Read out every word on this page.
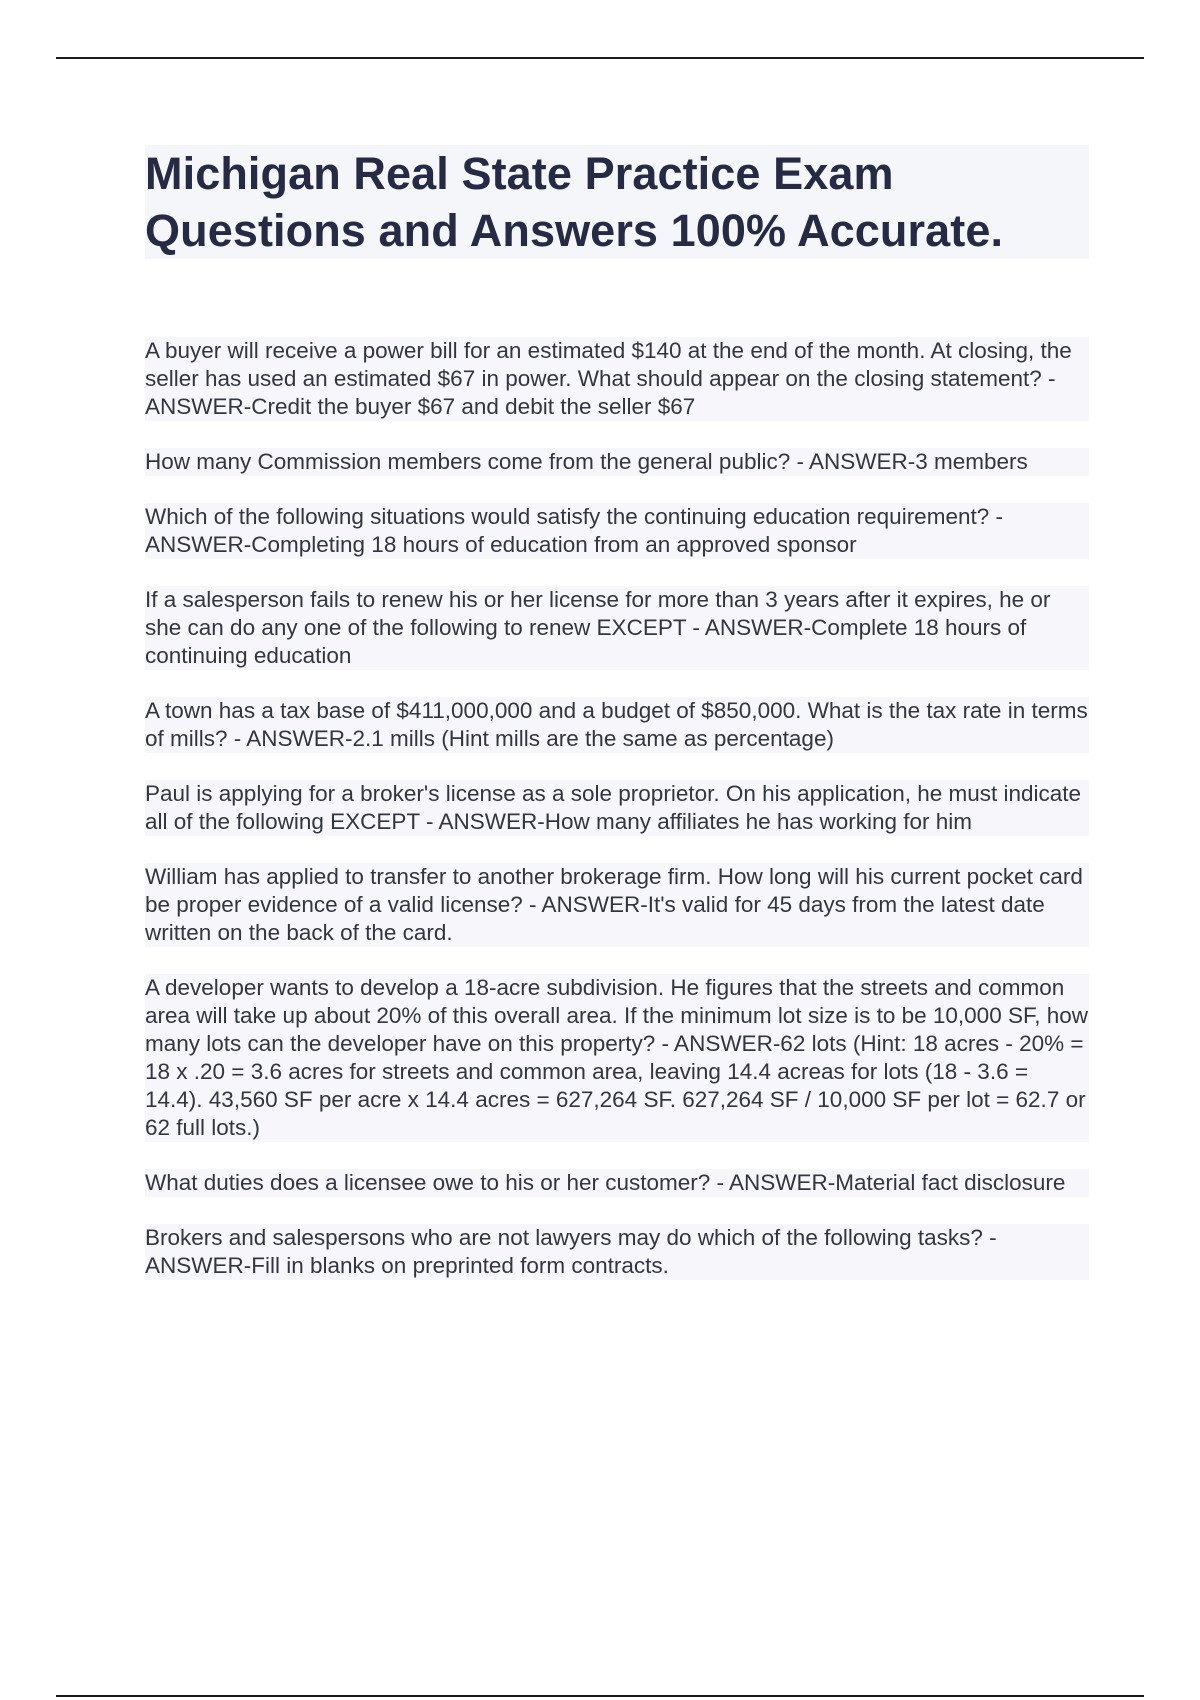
Michigan Real State Practice Exam Questions and Answers 100% Accurate.
A buyer will receive a power bill for an estimated $140 at the end of the month. At closing, the seller has used an estimated $67 in power. What should appear on the closing statement? - ANSWER-Credit the buyer $67 and debit the seller $67
How many Commission members come from the general public? - ANSWER-3 members
Which of the following situations would satisfy the continuing education requirement? - ANSWER-Completing 18 hours of education from an approved sponsor
If a salesperson fails to renew his or her license for more than 3 years after it expires, he or she can do any one of the following to renew EXCEPT - ANSWER-Complete 18 hours of continuing education
A town has a tax base of $411,000,000 and a budget of $850,000. What is the tax rate in terms of mills? - ANSWER-2.1 mills (Hint mills are the same as percentage)
Paul is applying for a broker's license as a sole proprietor. On his application, he must indicate all of the following EXCEPT - ANSWER-How many affiliates he has working for him
William has applied to transfer to another brokerage firm. How long will his current pocket card be proper evidence of a valid license? - ANSWER-It's valid for 45 days from the latest date written on the back of the card.
A developer wants to develop a 18-acre subdivision. He figures that the streets and common area will take up about 20% of this overall area. If the minimum lot size is to be 10,000 SF, how many lots can the developer have on this property? - ANSWER-62 lots (Hint: 18 acres - 20% = 18 x .20 = 3.6 acres for streets and common area, leaving 14.4 acreas for lots (18 - 3.6 = 14.4). 43,560 SF per acre x 14.4 acres = 627,264 SF. 627,264 SF / 10,000 SF per lot = 62.7 or 62 full lots.)
What duties does a licensee owe to his or her customer? - ANSWER-Material fact disclosure
Brokers and salespersons who are not lawyers may do which of the following tasks? - ANSWER-Fill in blanks on preprinted form contracts.
